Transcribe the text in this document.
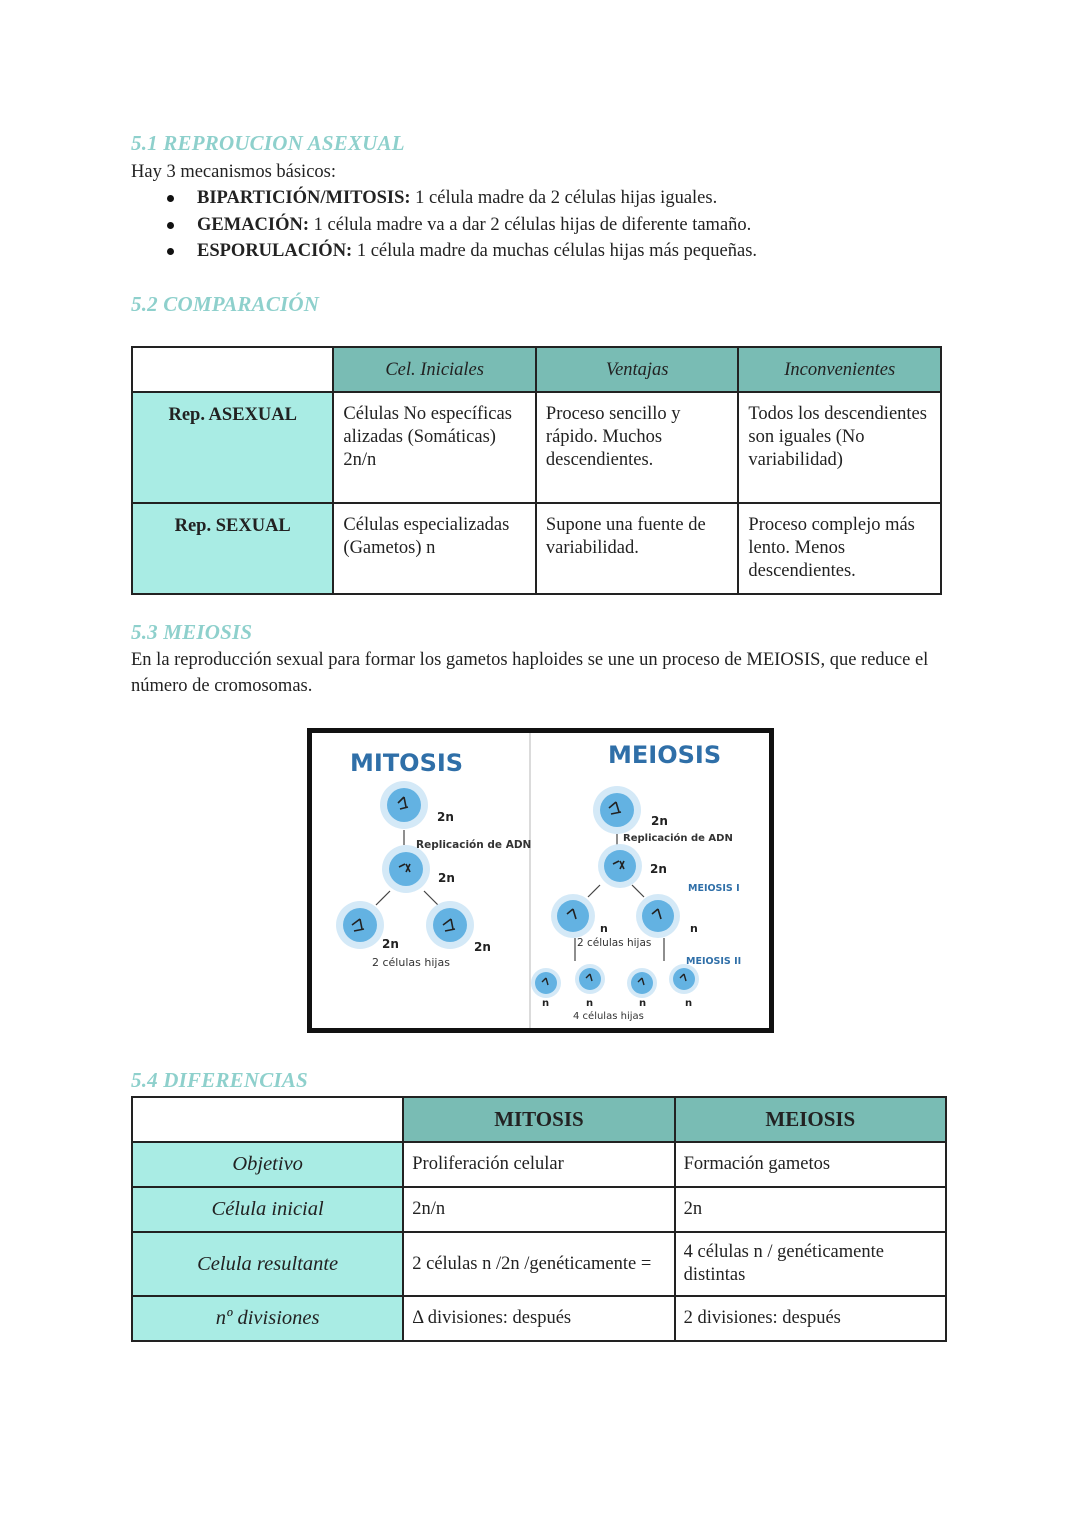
5.1 REPROUCION ASEXUAL
Hay 3 mecanismos básicos:
BIPARTICIÓN/MITOSIS: 1 célula madre da 2 células hijas iguales.
GEMACIÓN: 1 célula madre va a dar 2 células hijas de diferente tamaño.
ESPORULACIÓN: 1 célula madre da muchas células hijas más pequeñas.
5.2 COMPARACIÓN
	Cel. Iniciales	Ventajas	Inconvenientes
Rep. ASEXUAL	Células No específicas alizadas (Somáticas) 2n/n	Proceso sencillo y rápido. Muchos descendientes.	Todos los descendientes son iguales (No variabilidad)
Rep. SEXUAL	Células especializadas (Gametos) n	Supone una fuente de variabilidad.	Proceso complejo más lento. Menos descendientes.
5.3 MEIOSIS
En la reproducción sexual para formar los gametos haploides se une un proceso de MEIOSIS, que reduce el número de cromosomas.
MITOSIS	MEIOSIS
2n
Replicación de ADN
2n
2n	2n
2 células hijas
2n
Replicación de ADN
2n
MEIOSIS I
n	n
2 células hijas
MEIOSIS II
n	n	n	n
4 células hijas
5.4 DIFERENCIAS
	MITOSIS	MEIOSIS
Objetivo	Proliferación celular	Formación gametos
Célula inicial	2n/n	2n
Celula resultante	2 células n /2n /genéticamente =	4 células n / genéticamente distintas
nº divisiones	Δ divisiones: después	2 divisiones: después
